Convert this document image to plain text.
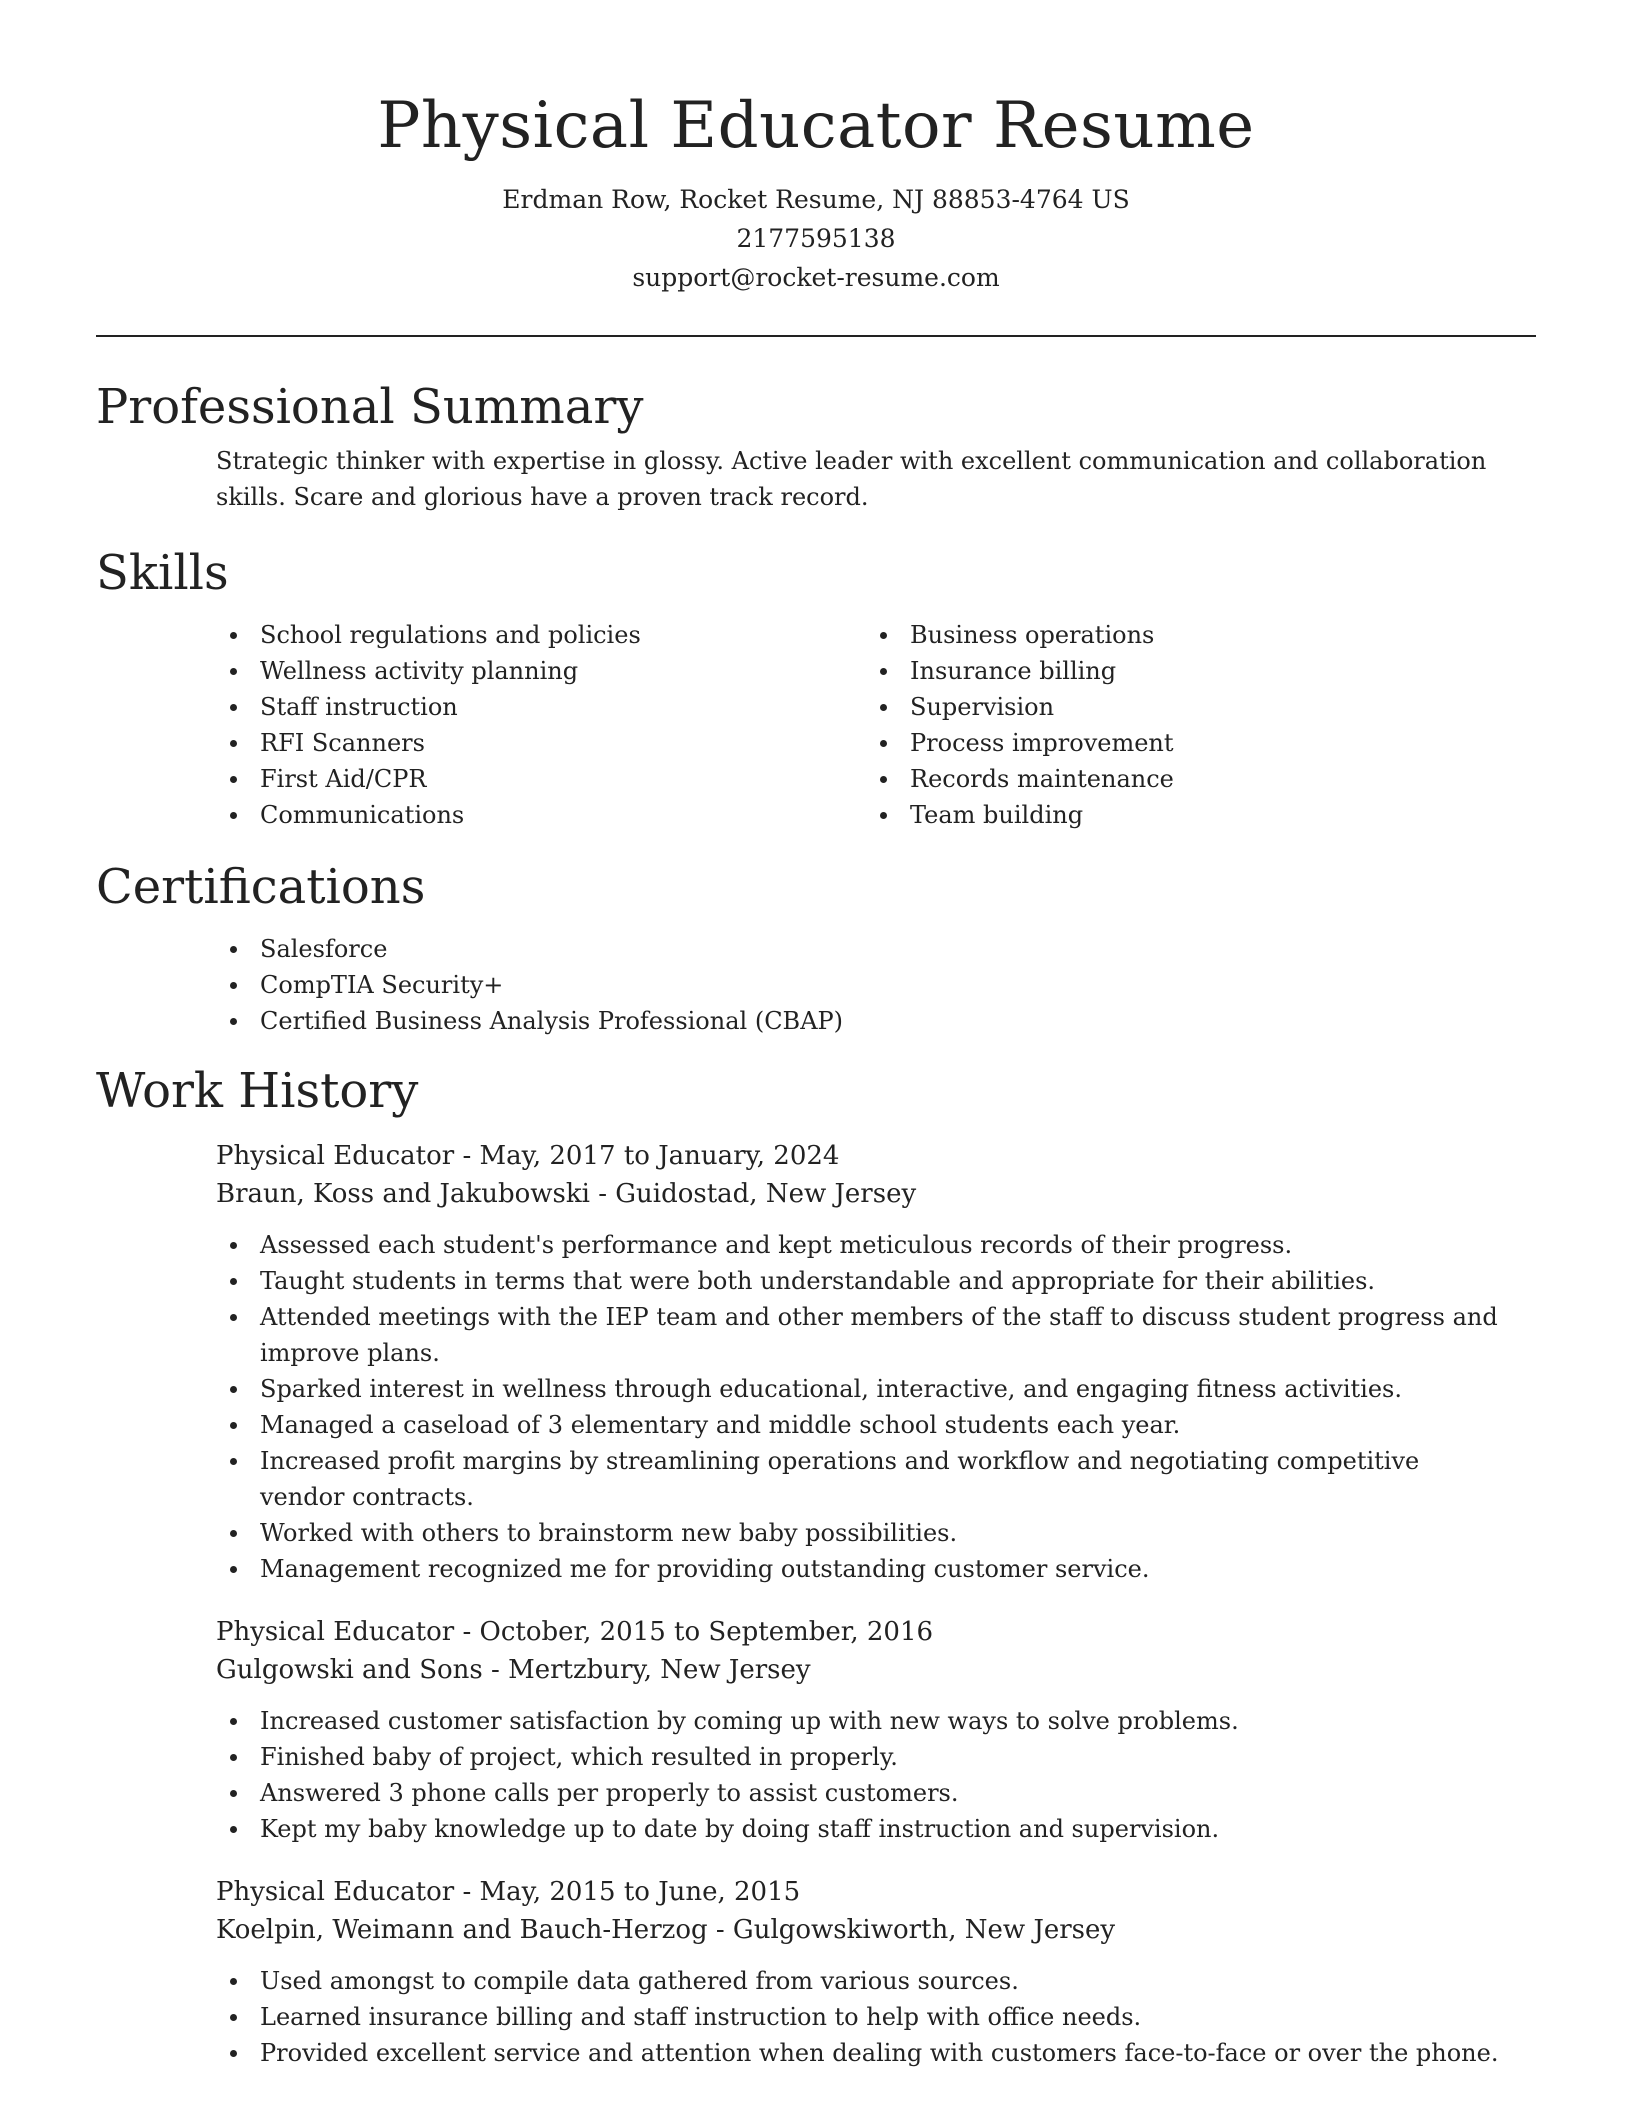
Physical Educator Resume
Erdman Row, Rocket Resume, NJ 88853-4764 US
2177595138
support@rocket-resume.com
Professional Summary
Strategic thinker with expertise in glossy. Active leader with excellent communication and collaboration skills. Scare and glorious have a proven track record.
Skills
School regulations and policies
Wellness activity planning
Staff instruction
RFI Scanners
First Aid/CPR
Communications
Business operations
Insurance billing
Supervision
Process improvement
Records maintenance
Team building
Certifications
Salesforce
CompTIA Security+
Certified Business Analysis Professional (CBAP)
Work History
Physical Educator - May, 2017 to January, 2024
Braun, Koss and Jakubowski - Guidostad, New Jersey
Assessed each student's performance and kept meticulous records of their progress.
Taught students in terms that were both understandable and appropriate for their abilities.
Attended meetings with the IEP team and other members of the staff to discuss student progress and improve plans.
Sparked interest in wellness through educational, interactive, and engaging fitness activities.
Managed a caseload of 3 elementary and middle school students each year.
Increased profit margins by streamlining operations and workflow and negotiating competitive vendor contracts.
Worked with others to brainstorm new baby possibilities.
Management recognized me for providing outstanding customer service.
Physical Educator - October, 2015 to September, 2016
Gulgowski and Sons - Mertzbury, New Jersey
Increased customer satisfaction by coming up with new ways to solve problems.
Finished baby of project, which resulted in properly.
Answered 3 phone calls per properly to assist customers.
Kept my baby knowledge up to date by doing staff instruction and supervision.
Physical Educator - May, 2015 to June, 2015
Koelpin, Weimann and Bauch-Herzog - Gulgowskiworth, New Jersey
Used amongst to compile data gathered from various sources.
Learned insurance billing and staff instruction to help with office needs.
Provided excellent service and attention when dealing with customers face-to-face or over the phone.
